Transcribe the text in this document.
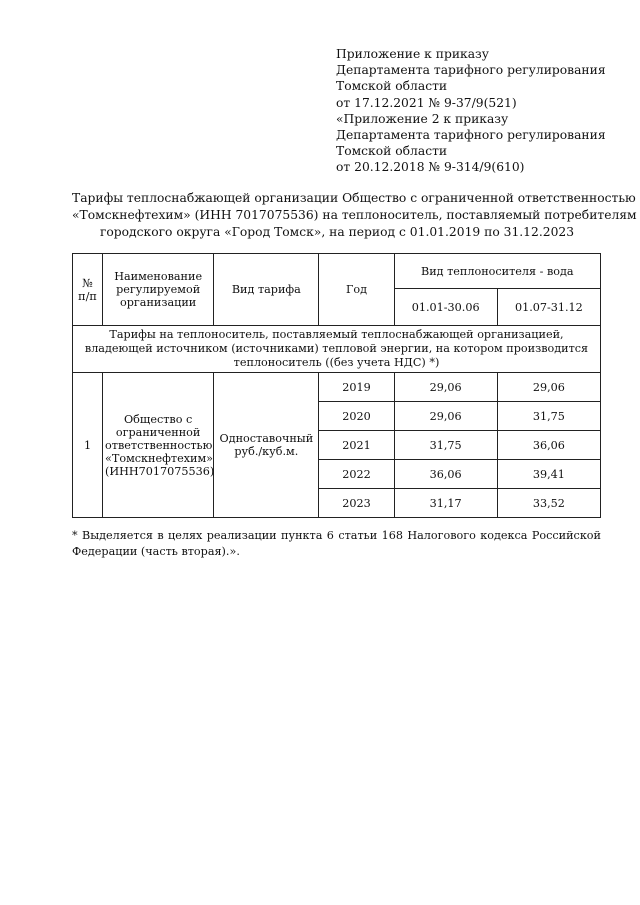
Приложение к приказу
Департамента тарифного регулирования
Томской области
от 17.12.2021 № 9-37/9(521)
«Приложение 2 к приказу
Департамента тарифного регулирования
Томской области
от 20.12.2018 № 9-314/9(610)
Тарифы теплоснабжающей организации Общество с ограниченной ответственностью
«Томскнефтехим» (ИНН 7017075536) на теплоноситель, поставляемый потребителям
городского округа «Город Томск», на период с 01.01.2019 по 31.12.2023
№ п/п	Наименование регулируемой организации	Вид тарифа	Год	Вид теплоносителя - вода	
				01.01-30.06	01.07-31.12
Тарифы на теплоноситель, поставляемый теплоснабжающей организацией, владеющей источником (источниками) тепловой энергии, на котором производится теплоноситель ((без учета НДС) *)					
1	Общество с ограниченной ответственностью «Томскнефтехим» (ИНН7017075536)	Одноставочный руб./куб.м.	2019	29,06	29,06
			2020	29,06	31,75
			2021	31,75	36,06
			2022	36,06	39,41
			2023	31,17	33,52
* Выделяется в целях реализации пункта 6 статьи 168 Налогового кодекса Российской
Федерации (часть вторая).».
